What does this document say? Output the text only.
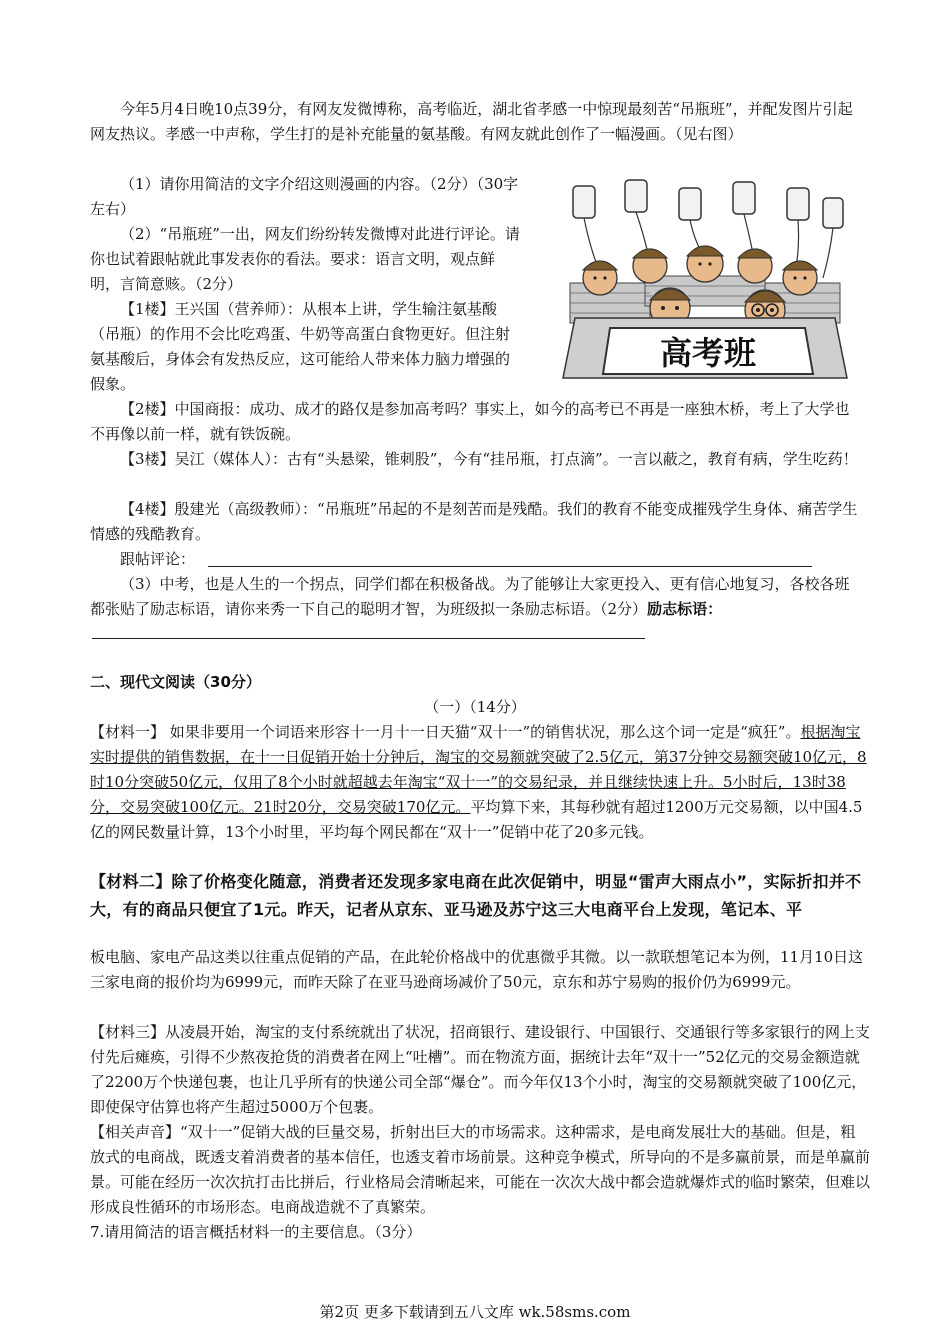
今年5月4日晚10点39分，有网友发微博称，高考临近，湖北省孝感一中惊现最刻苦“吊瓶班”，并配发图片引起网友热议。孝感一中声称，学生打的是补充能量的氨基酸。有网友就此创作了一幅漫画。（见右图）

（1）请你用简洁的文字介绍这则漫画的内容。（2分）（30字左右）

（2）“吊瓶班”一出，网友们纷纷转发微博对此进行评论。请你也试着跟帖就此事发表你的看法。要求：语言文明，观点鲜明，言简意赅。（2分）

【1楼】王兴国（营养师）：从根本上讲，学生输注氨基酸（吊瓶）的作用不会比吃鸡蛋、牛奶等高蛋白食物更好。但注射氨基酸后，身体会有发热反应，这可能给人带来体力脑力增强的假象。

高考班

【2楼】中国商报：成功、成才的路仅是参加高考吗？事实上，如今的高考已不再是一座独木桥，考上了大学也不再像以前一样，就有铁饭碗。

【3楼】吴江（媒体人）：古有“头悬梁，锥刺股”，今有“挂吊瓶，打点滴”。一言以蔽之，教育有病，学生吃药！

【4楼】殷建光（高级教师）：“吊瓶班”吊起的不是刻苦而是残酷。我们的教育不能变成摧残学生身体、痛苦学生情感的残酷教育。

跟帖评论：

（3）中考，也是人生的一个拐点，同学们都在积极备战。为了能够让大家更投入、更有信心地复习，各校各班都张贴了励志标语，请你来秀一下自己的聪明才智，为班级拟一条励志标语。（2分）励志标语：

二、现代文阅读（30分）

（一）（14分）

【材料一】 如果非要用一个词语来形容十一月十一日天猫“双十一”的销售状况，那么这个词一定是“疯狂”。根据淘宝实时提供的销售数据，在十一日促销开始十分钟后，淘宝的交易额就突破了2.5亿元，第37分钟交易额突破10亿元，8时10分突破50亿元，仅用了8个小时就超越去年淘宝“双十一”的交易纪录，并且继续快速上升。5小时后，13时38分，交易突破100亿元。21时20分，交易突破170亿元。平均算下来，其每秒就有超过1200万元交易额，以中国4.5亿的网民数量计算，13个小时里，平均每个网民都在“双十一”促销中花了20多元钱。

【材料二】除了价格变化随意，消费者还发现多家电商在此次促销中，明显“雷声大雨点小”，实际折扣并不大，有的商品只便宜了1元。昨天，记者从京东、亚马逊及苏宁这三大电商平台上发现，笔记本、平

板电脑、家电产品这类以往重点促销的产品，在此轮价格战中的优惠微乎其微。以一款联想笔记本为例，11月10日这三家电商的报价均为6999元，而昨天除了在亚马逊商场减价了50元，京东和苏宁易购的报价仍为6999元。

【材料三】从凌晨开始，淘宝的支付系统就出了状况，招商银行、建设银行、中国银行、交通银行等多家银行的网上支付先后瘫痪，引得不少熬夜抢货的消费者在网上“吐槽”。而在物流方面，据统计去年“双十一”52亿元的交易金额造就了2200万个快递包裹，也让几乎所有的快递公司全部“爆仓”。而今年仅13个小时，淘宝的交易额就突破了100亿元，即使保守估算也将产生超过5000万个包裹。

【相关声音】“双十一”促销大战的巨量交易，折射出巨大的市场需求。这种需求，是电商发展壮大的基础。但是，粗放式的电商战，既透支着消费者的基本信任，也透支着市场前景。这种竞争模式，所导向的不是多赢前景，而是单赢前景。可能在经历一次次抗打击比拼后，行业格局会清晰起来，可能在一次次大战中都会造就爆炸式的临时繁荣，但难以形成良性循环的市场形态。电商战造就不了真繁荣。

7.请用简洁的语言概括材料一的主要信息。（3分）

第2页 更多下载请到五八文库 wk.58sms.com
